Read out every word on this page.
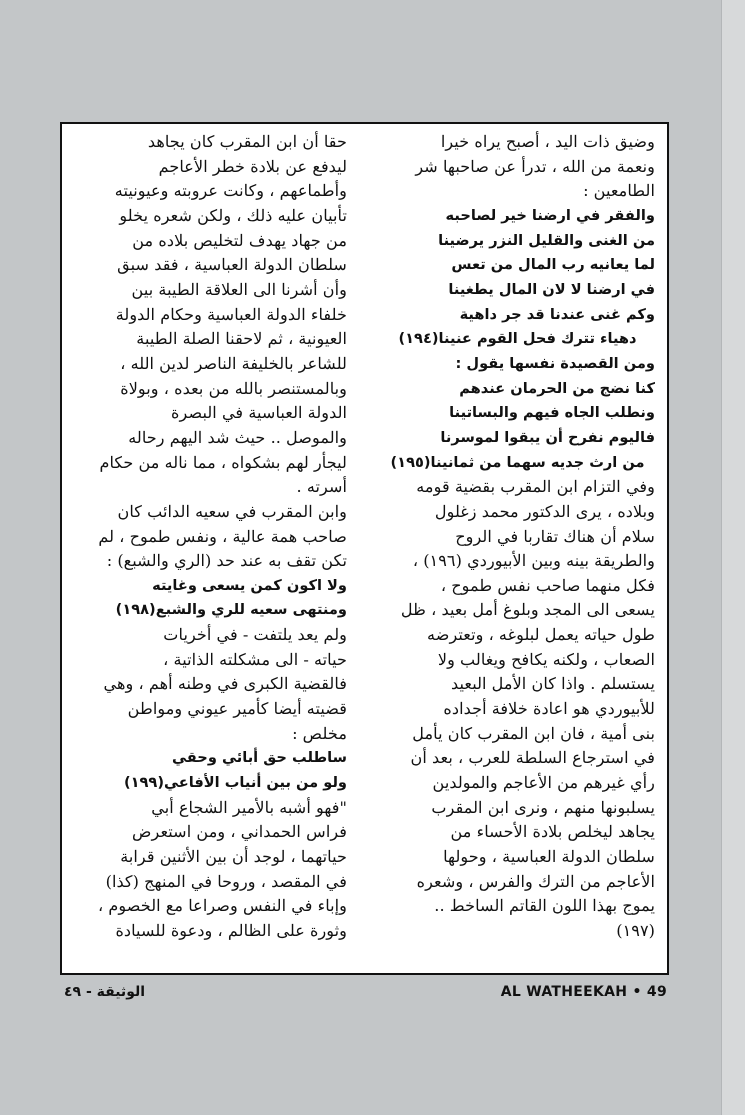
وضيق ذات اليد ، أصبح يراه خيرا

ونعمة من الله ، تدرأ عن صاحبها شر

الطامعين :

والفقر في ارضنا خير لصاحبه

من الغنى والقليل النزر يرضينا

لما يعانيه رب المال من تعس

في ارضنا لا لان المال يطغينا

وكم غنى عندنا قد جر داهية

دهياء تترك فحل القوم عنينا(١٩٤)

ومن القصيدة نفسها يقول :

كنا نضج من الحرمان عندهم

ونطلب الجاه فيهم والبساتينا

فاليوم نفرح أن يبقوا لموسرنا

من ارث جديه سهما من ثمانينا(١٩٥)

وفي التزام ابن المقرب بقضية قومه

وبلاده ، يرى الدكتور محمد زغلول

سلام أن هناك تقاربا في الروح

والطريقة بينه وبين الأبيوردي (١٩٦) ،

فكل منهما صاحب نفس طموح ،

يسعى الى المجد وبلوغ أمل بعيد ، ظل

طول حياته يعمل لبلوغه ، وتعترضه

الصعاب ، ولكنه يكافح ويغالب ولا

يستسلم . واذا كان الأمل البعيد

للأبيوردي هو اعادة خلافة أجداده

بنى أمية ، فان ابن المقرب كان يأمل

في استرجاع السلطة للعرب ، بعد أن

رأي غيرهم من الأعاجم والمولدين

يسلبونها منهم ، ونرى ابن المقرب

يجاهد ليخلص بلادة الأحساء من

سلطان الدولة العباسية ، وحولها

الأعاجم من الترك والفرس ، وشعره

يموج بهذا اللون القاتم الساخط ..

(١٩٧)

حقا أن ابن المقرب كان يجاهد

ليدفع عن بلادة خطر الأعاجم

وأطماعهم ، وكانت عروبته وعيونيته

تأبيان عليه ذلك ، ولكن شعره يخلو

من جهاد يهدف لتخليص بلاده من

سلطان الدولة العباسية ، فقد سبق

وأن أشرنا الى العلاقة الطيبة بين

خلفاء الدولة العباسية وحكام الدولة

العيونية ، ثم لاحقنا الصلة الطيبة

للشاعر بالخليفة الناصر لدين الله ،

وبالمستنصر بالله من بعده ، وبولاة

الدولة العباسية في البصرة

والموصل .. حيث شد اليهم رحاله

ليجأر لهم بشكواه ، مما ناله من حكام

أسرته .

وابن المقرب في سعيه الدائب كان

صاحب همة عالية ، ونفس طموح ، لم

تكن تقف به عند حد (الري والشبع) :

ولا اكون كمن يسعى وغايته

ومنتهى سعيه للري والشبع(١٩٨)

ولم يعد يلتفت - في أخريات

حياته - الى مشكلته الذاتية ،

فالقضية الكبرى في وطنه أهم ، وهي

قضيته أيضا كأمير عيوني ومواطن

مخلص :

ساطلب حق أبائي وحقي

ولو من بين أنياب الأفاعي(١٩٩)

"فهو أشبه بالأمير الشجاع أبي

فراس الحمداني ، ومن استعرض

حياتهما ، لوجد أن بين الأثنين قرابة

في المقصد ، وروحا في المنهج (كذا)

وإباء في النفس وصراعا مع الخصوم ،

وثورة على الظالم ، ودعوة للسيادة

الوثيقة - ٤٩	AL WATHEEKAH • 49
